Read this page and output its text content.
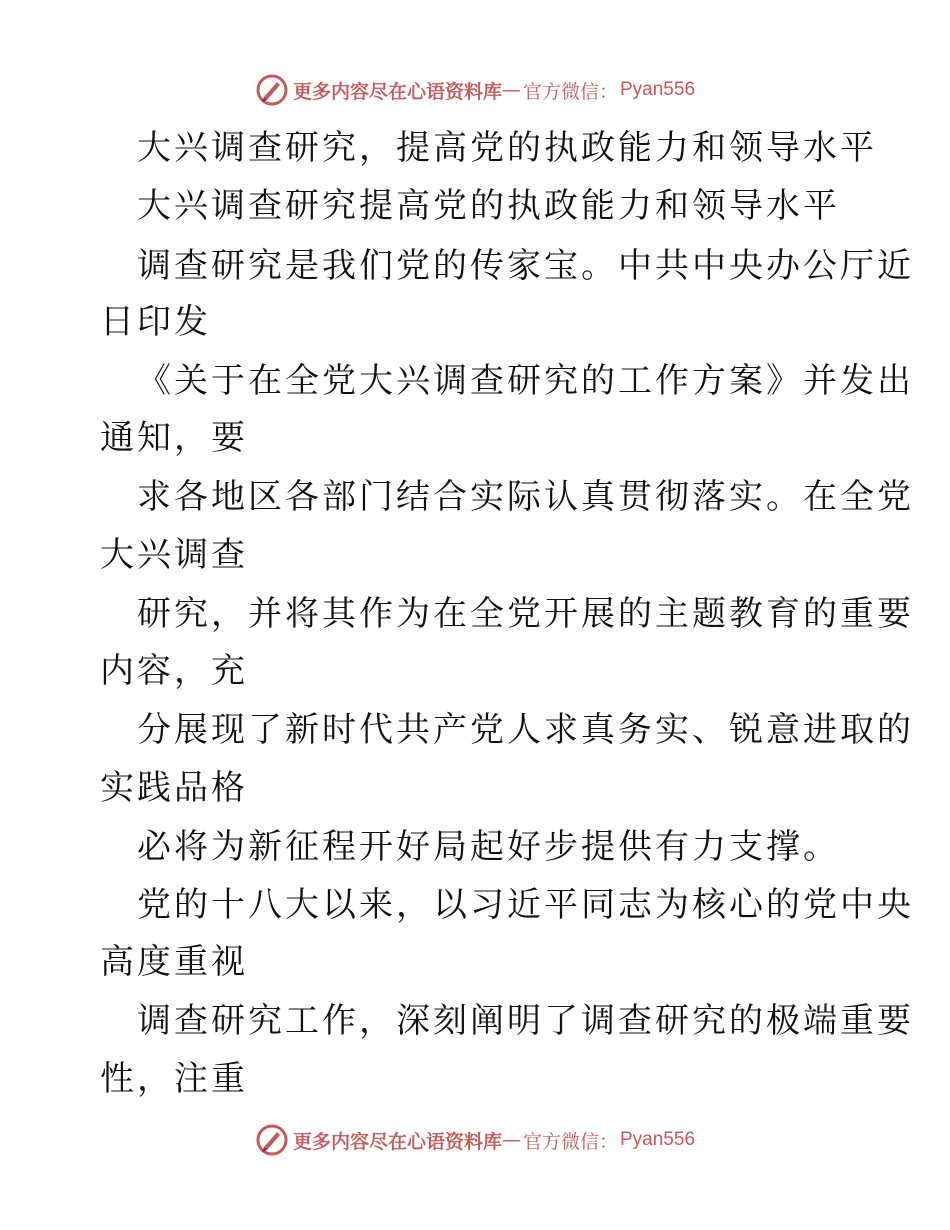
更多内容尽在心语资料库 — 官方微信： Pyan556
大兴调查研究，提高党的执政能力和领导水平
大兴调查研究提高党的执政能力和领导水平
调查研究是我们党的传家宝。中共中央办公厅近
日印发
《关于在全党大兴调查研究的工作方案》并发出
通知，要
求各地区各部门结合实际认真贯彻落实。在全党
大兴调查
研究，并将其作为在全党开展的主题教育的重要
内容，充
分展现了新时代共产党人求真务实、锐意进取的
实践品格
必将为新征程开好局起好步提供有力支撑。
党的十八大以来，以习近平同志为核心的党中央
高度重视
调查研究工作，深刻阐明了调查研究的极端重要
性，注重
更多内容尽在心语资料库 — 官方微信： Pyan556
